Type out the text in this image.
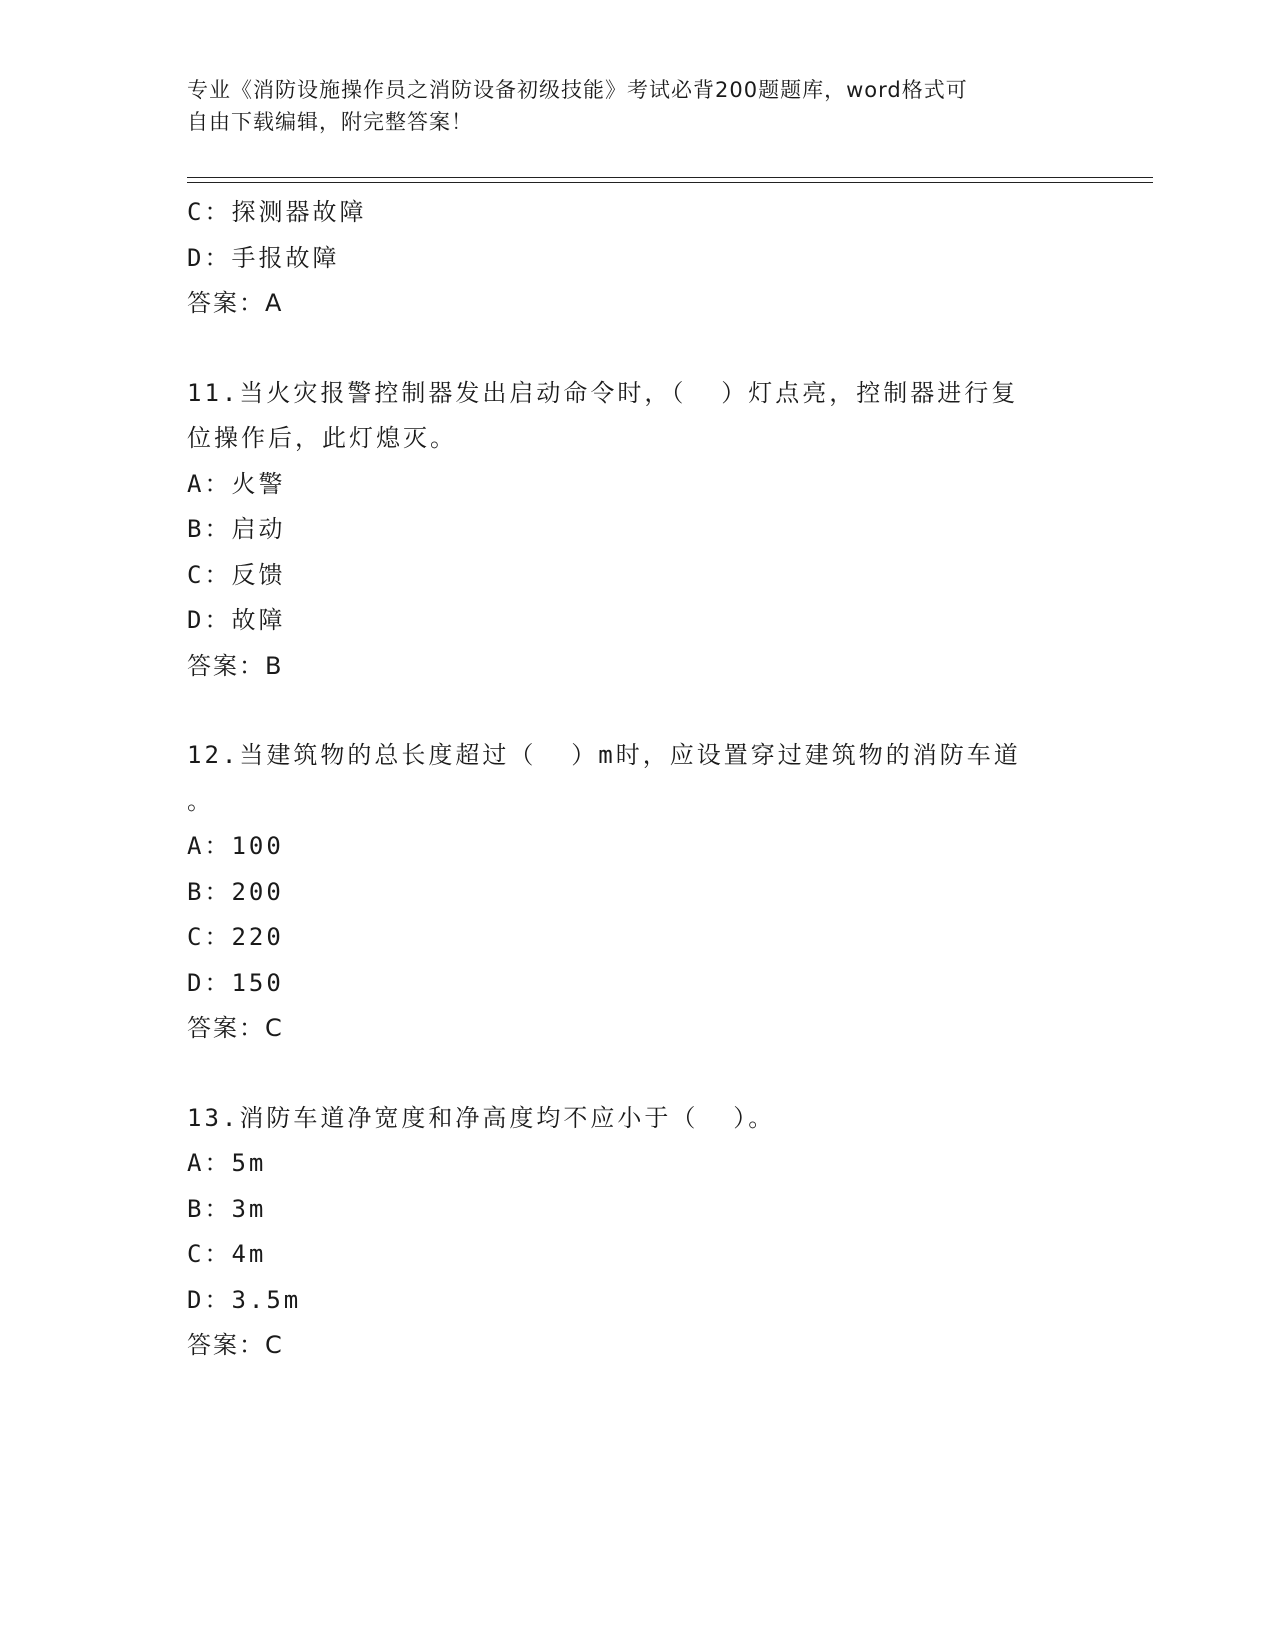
专业《消防设施操作员之消防设备初级技能》考试必背200题题库，word格式可
自由下载编辑，附完整答案！
C：探测器故障
D：手报故障
答案：A
11.当火灾报警控制器发出启动命令时，（  ）灯点亮，控制器进行复
位操作后，此灯熄灭。
A：火警
B：启动
C：反馈
D：故障
答案：B
12.当建筑物的总长度超过（  ）m时，应设置穿过建筑物的消防车道
。
A：100
B：200
C：220
D：150
答案：C
13.消防车道净宽度和净高度均不应小于（  ）。
A：5m
B：3m
C：4m
D：3.5m
答案：C
